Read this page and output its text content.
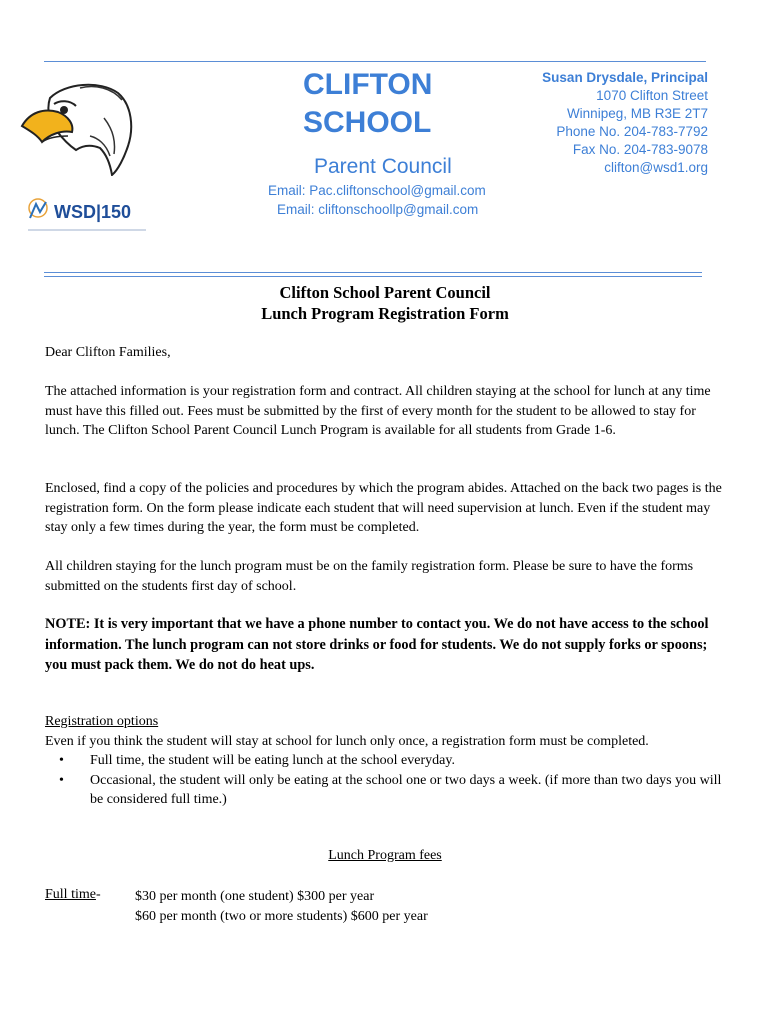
WSD|150
CLIFTON SCHOOL
Parent Council
Email: Pac.cliftonschool@gmail.com
Email: cliftonschoollp@gmail.com
Susan Drysdale, Principal
1070 Clifton Street
Winnipeg, MB R3E 2T7
Phone No. 204-783-7792
Fax No. 204-783-9078
clifton@wsd1.org
Clifton School Parent Council
Lunch Program Registration Form
Dear Clifton Families,
The attached information is your registration form and contract. All children staying at the school for lunch at any time must have this filled out. Fees must be submitted by the first of every month for the student to be allowed to stay for lunch. The Clifton School Parent Council Lunch Program is available for all students from Grade 1-6.
Enclosed, find a copy of the policies and procedures by which the program abides. Attached on the back two pages is the registration form. On the form please indicate each student that will need supervision at lunch. Even if the student may stay only a few times during the year, the form must be completed.
All children staying for the lunch program must be on the family registration form. Please be sure to have the forms submitted on the students first day of school.
NOTE: It is very important that we have a phone number to contact you. We do not have access to the school information. The lunch program can not store drinks or food for students. We do not supply forks or spoons; you must pack them. We do not do heat ups.
Registration options
Even if you think the student will stay at school for lunch only once, a registration form must be completed.
• Full time, the student will be eating lunch at the school everyday.
• Occasional, the student will only be eating at the school one or two days a week. (if more than two days you will be considered full time.)
Lunch Program fees
Full time- $30 per month (one student) $300 per year
$60 per month (two or more students) $600 per year
